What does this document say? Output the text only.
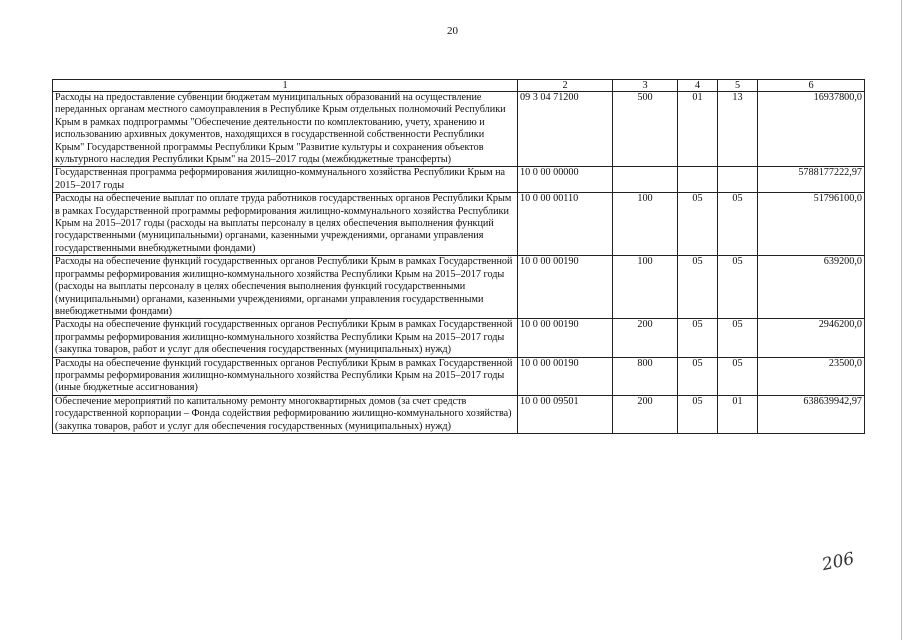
20
1	2	3	4	5	6
Расходы на предоставление субвенции бюджетам муниципальных образований на осуществление переданных органам местного самоуправления в Республике Крым отдельных полномочий Республики Крым в рамках подпрограммы "Обеспечение деятельности по комплектованию, учету, хранению и использованию архивных документов, находящихся в государственной собственности Республики Крым" Государственной программы Республики Крым "Развитие культуры и сохранения объектов культурного наследия Республики Крым" на 2015–2017 годы (межбюджетные трансферты)	09 3 04 71200	500	01	13	16937800,0
Государственная программа реформирования жилищно-коммунального хозяйства Республики Крым на 2015–2017 годы	10 0 00 00000				5788177222,97
Расходы на обеспечение выплат по оплате труда работников государственных органов Республики Крым в рамках Государственной программы реформирования жилищно-коммунального хозяйства Республики Крым на 2015–2017 годы (расходы на выплаты персоналу в целях обеспечения выполнения функций государственными (муниципальными) органами, казенными учреждениями, органами управления государственными внебюджетными фондами)	10 0 00 00110	100	05	05	51796100,0
Расходы на обеспечение функций государственных органов Республики Крым в рамках Государственной программы реформирования жилищно-коммунального хозяйства Республики Крым на 2015–2017 годы (расходы на выплаты персоналу в целях обеспечения выполнения функций государственными (муниципальными) органами, казенными учреждениями, органами управления государственными внебюджетными фондами)	10 0 00 00190	100	05	05	639200,0
Расходы на обеспечение функций государственных органов Республики Крым в рамках Государственной программы реформирования жилищно-коммунального хозяйства Республики Крым на 2015–2017 годы (закупка товаров, работ и услуг для обеспечения государственных (муниципальных) нужд)	10 0 00 00190	200	05	05	2946200,0
Расходы на обеспечение функций государственных органов Республики Крым в рамках Государственной программы реформирования жилищно-коммунального хозяйства Республики Крым на 2015–2017 годы (иные бюджетные ассигнования)	10 0 00 00190	800	05	05	23500,0
Обеспечение мероприятий по капитальному ремонту многоквартирных домов (за счет средств государственной корпорации – Фонда содействия реформированию жилищно-коммунального хозяйства) (закупка товаров, работ и услуг для обеспечения государственных (муниципальных) нужд)	10 0 00 09501	200	05	01	638639942,97
206
